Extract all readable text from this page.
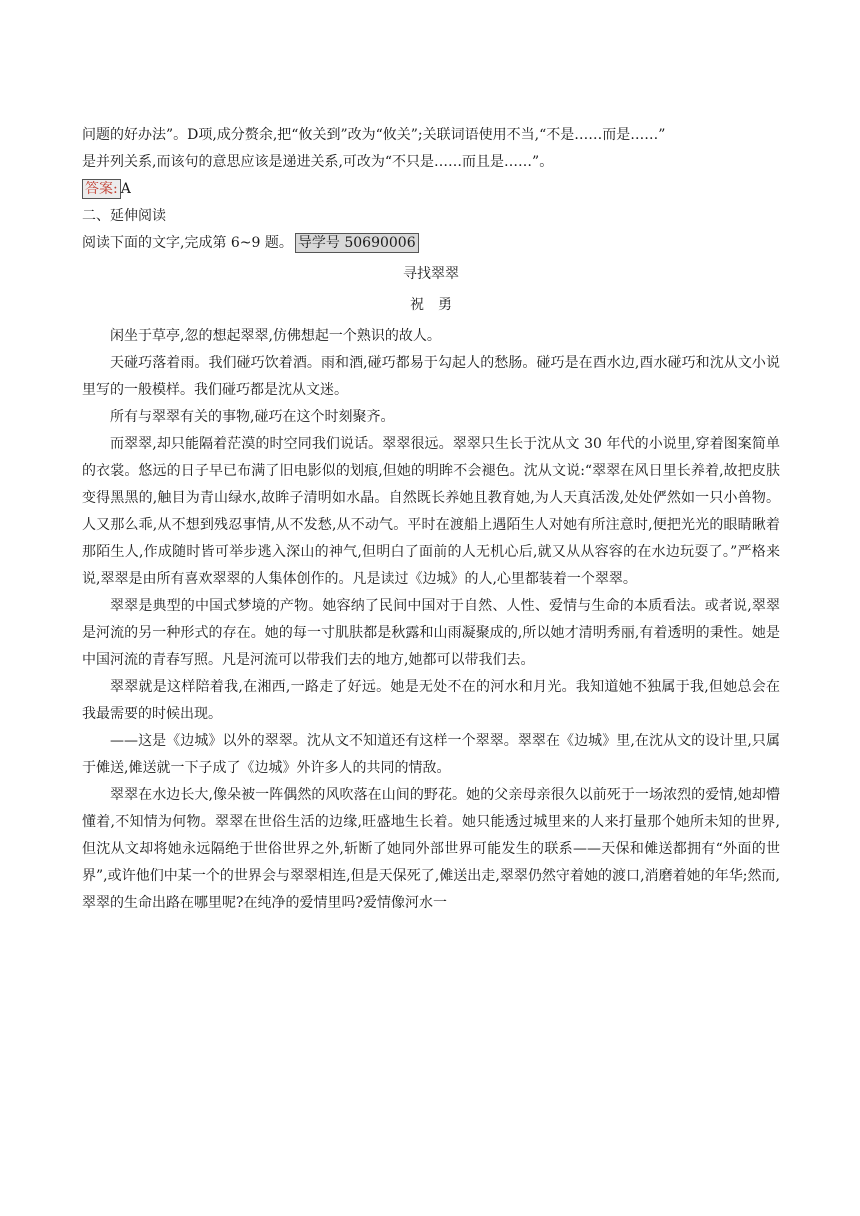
问题的好办法”。D项,成分赘余,把“攸关到”改为“攸关”;关联词语使用不当,“不是……而是……”

是并列关系,而该句的意思应该是递进关系,可改为“不只是……而且是……”。

答案: A

二、延伸阅读

阅读下面的文字,完成第 6~9 题。 导学号 50690006

寻找翠翠

祝　勇

闲坐于草亭,忽的想起翠翠,仿佛想起一个熟识的故人。

天碰巧落着雨。我们碰巧饮着酒。雨和酒,碰巧都易于勾起人的愁肠。碰巧是在酉水边,酉水碰巧和沈从文小说里写的一般模样。我们碰巧都是沈从文迷。

所有与翠翠有关的事物,碰巧在这个时刻聚齐。

而翠翠,却只能隔着茫漠的时空同我们说话。翠翠很远。翠翠只生长于沈从文 30 年代的小说里,穿着图案简单的衣裳。悠远的日子早已布满了旧电影似的划痕,但她的明眸不会褪色。沈从文说:“翠翠在风日里长养着,故把皮肤变得黑黑的,触目为青山绿水,故眸子清明如水晶。自然既长养她且教育她,为人天真活泼,处处俨然如一只小兽物。人又那么乖,从不想到残忍事情,从不发愁,从不动气。平时在渡船上遇陌生人对她有所注意时,便把光光的眼睛瞅着那陌生人,作成随时皆可举步逃入深山的神气,但明白了面前的人无机心后,就又从从容容的在水边玩耍了。”严格来说,翠翠是由所有喜欢翠翠的人集体创作的。凡是读过《边城》的人,心里都装着一个翠翠。

翠翠是典型的中国式梦境的产物。她容纳了民间中国对于自然、人性、爱情与生命的本质看法。或者说,翠翠是河流的另一种形式的存在。她的每一寸肌肤都是秋露和山雨凝聚成的,所以她才清明秀丽,有着透明的秉性。她是中国河流的青春写照。凡是河流可以带我们去的地方,她都可以带我们去。

翠翠就是这样陪着我,在湘西,一路走了好远。她是无处不在的河水和月光。我知道她不独属于我,但她总会在我最需要的时候出现。

——这是《边城》以外的翠翠。沈从文不知道还有这样一个翠翠。翠翠在《边城》里,在沈从文的设计里,只属于傩送,傩送就一下子成了《边城》外许多人的共同的情敌。

翠翠在水边长大,像朵被一阵偶然的风吹落在山间的野花。她的父亲母亲很久以前死于一场浓烈的爱情,她却懵懂着,不知情为何物。翠翠在世俗生活的边缘,旺盛地生长着。她只能透过城里来的人来打量那个她所未知的世界,但沈从文却将她永远隔绝于世俗世界之外,斩断了她同外部世界可能发生的联系——天保和傩送都拥有“外面的世界”,或许他们中某一个的世界会与翠翠相连,但是天保死了,傩送出走,翠翠仍然守着她的渡口,消磨着她的年华;然而,翠翠的生命出路在哪里呢?在纯净的爱情里吗?爱情像河水一
